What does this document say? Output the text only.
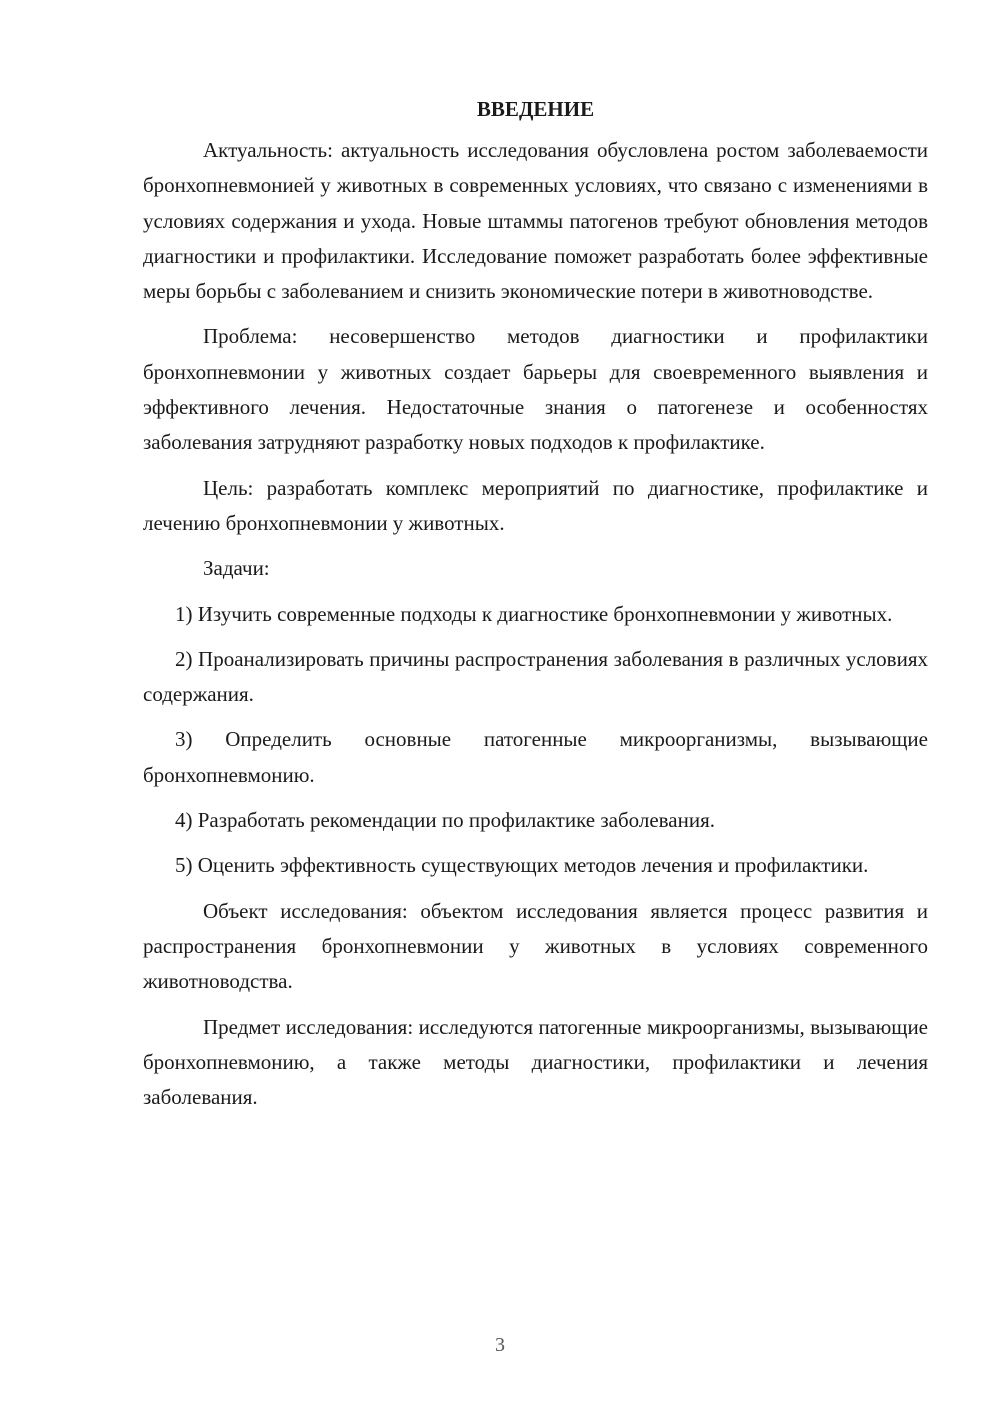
ВВЕДЕНИЕ

Актуальность: актуальность исследования обусловлена ростом заболеваемости бронхопневмонией у животных в современных условиях, что связано с изменениями в условиях содержания и ухода. Новые штаммы патогенов требуют обновления методов диагностики и профилактики. Исследование поможет разработать более эффективные меры борьбы с заболеванием и снизить экономические потери в животноводстве.

Проблема: несовершенство методов диагностики и профилактики бронхопневмонии у животных создает барьеры для своевременного выявления и эффективного лечения. Недостаточные знания о патогенезе и особенностях заболевания затрудняют разработку новых подходов к профилактике.

Цель: разработать комплекс мероприятий по диагностике, профилактике и лечению бронхопневмонии у животных.

Задачи:

1) Изучить современные подходы к диагностике бронхопневмонии у животных.

2) Проанализировать причины распространения заболевания в различных условиях содержания.

3) Определить основные патогенные микроорганизмы, вызывающие бронхопневмонию.

4) Разработать рекомендации по профилактике заболевания.

5) Оценить эффективность существующих методов лечения и профилактики.

Объект исследования: объектом исследования является процесс развития и распространения бронхопневмонии у животных в условиях современного животноводства.

Предмет исследования: исследуются патогенные микроорганизмы, вызывающие бронхопневмонию, а также методы диагностики, профилактики и лечения заболевания.

3
